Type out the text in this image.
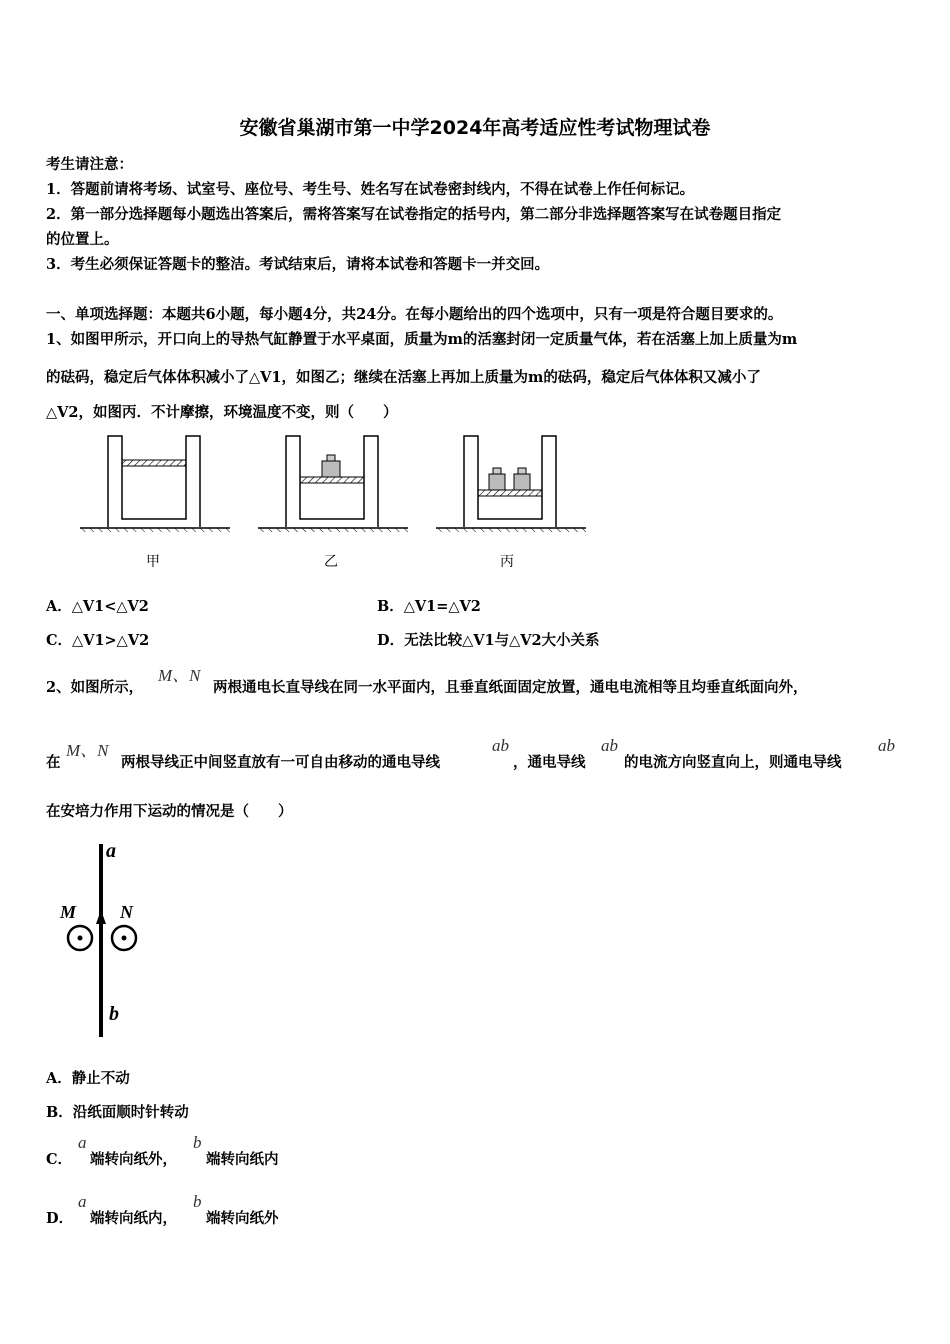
安徽省巢湖市第一中学2024年高考适应性考试物理试卷
考生请注意：
1．答题前请将考场、试室号、座位号、考生号、姓名写在试卷密封线内，不得在试卷上作任何标记。
2．第一部分选择题每小题选出答案后，需将答案写在试卷指定的括号内，第二部分非选择题答案写在试卷题目指定
的位置上。
3．考生必须保证答题卡的整洁。考试结束后，请将本试卷和答题卡一并交回。
一、单项选择题：本题共6小题，每小题4分，共24分。在每小题给出的四个选项中，只有一项是符合题目要求的。
1、如图甲所示，开口向上的导热气缸静置于水平桌面，质量为m的活塞封闭一定质量气体，若在活塞上加上质量为m
的砝码，稳定后气体体积减小了△V1，如图乙；继续在活塞上再加上质量为m的砝码，稳定后气体体积又减小了
△V2，如图丙．不计摩擦，环境温度不变，则（　　）
甲	乙	丙
A．△V1<△V2	B．△V1=△V2
C．△V1>△V2	D．无法比较△V1与△V2大小关系
2、如图所示，
M、N
两根通电长直导线在同一水平面内，且垂直纸面固定放置，通电电流相等且均垂直纸面向外，
在
M、N
两根导线正中间竖直放有一可自由移动的通电导线
ab
，通电导线
ab
的电流方向竖直向上，则通电导线
ab
在安培力作用下运动的情况是（　　）
a
b
M N
A．静止不动
B．沿纸面顺时针转动
C．
a
端转向纸外，
b
端转向纸内
D．
a
端转向纸内，
b
端转向纸外
